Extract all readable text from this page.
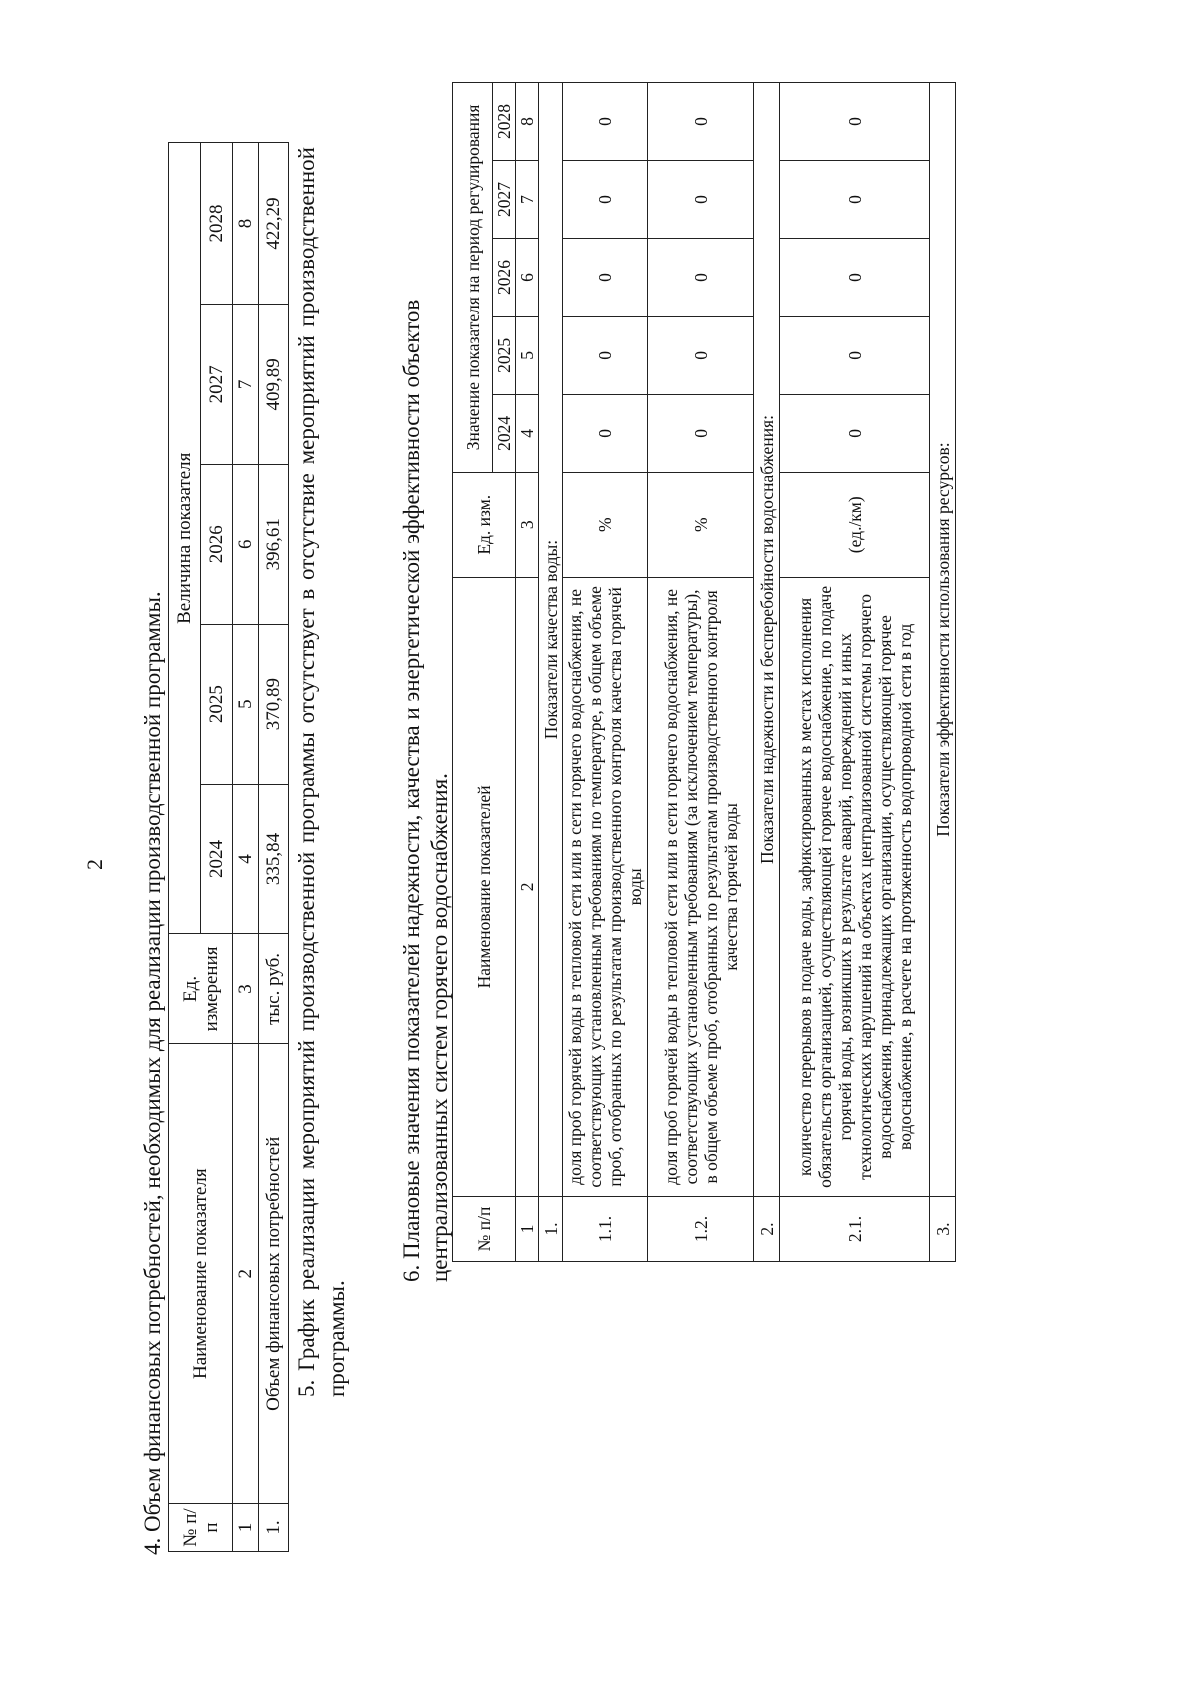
2 4. Объем финансовых потребностей, необходимых для реализации производственной программы. № п/п	Наименование показателя	Ед. измерения	Величина показателя				
			2024	2025	2026	2027	2028
1	2	3	4	5	6	7	8
1.	Объем финансовых потребностей	тыс. руб.	335,84	370,89	396,61	409,89	422,29 5. График реализации мероприятий производственной программы отсутствует в отсутствие мероприятий производственной программы.
6. Плановые значения показателей надежности, качества и энергетической эффективности объектов централизованных систем горячего водоснабжения. № п/п	Наименование показателей	Ед. изм.	Значение показателя на период регулирования				
			2024	2025	2026	2027	2028
1	2	3	4	5	6	7	8
1.	Показатели качества воды:						
1.1.	доля проб горячей воды в тепловой сети или в сети горячего водоснабжения, не соответствующих установленным требованиям по температуре, в общем объеме проб, отобранных по результатам производственного контроля качества горячей воды	%	0	0	0	0	0
1.2.	доля проб горячей воды в тепловой сети или в сети горячего водоснабжения, не соответствующих установленным требованиям (за исключением температуры), в общем объеме проб, отобранных по результатам производственного контроля качества горячей воды	%	0	0	0	0	0
2.	Показатели надежности и бесперебойности водоснабжения:						
2.1.	количество перерывов в подаче воды, зафиксированных в местах исполнения обязательств организацией, осуществляющей горячее водоснабжение, по подаче горячей воды, возникших в результате аварий, повреждений и иных технологических нарушений на объектах централизованной системы горячего водоснабжения, принадлежащих организации, осуществляющей горячее водоснабжение, в расчете на протяженность водопроводной сети в год	(ед./км)	0	0	0	0	0
3.	Показатели эффективности использования ресурсов:						
